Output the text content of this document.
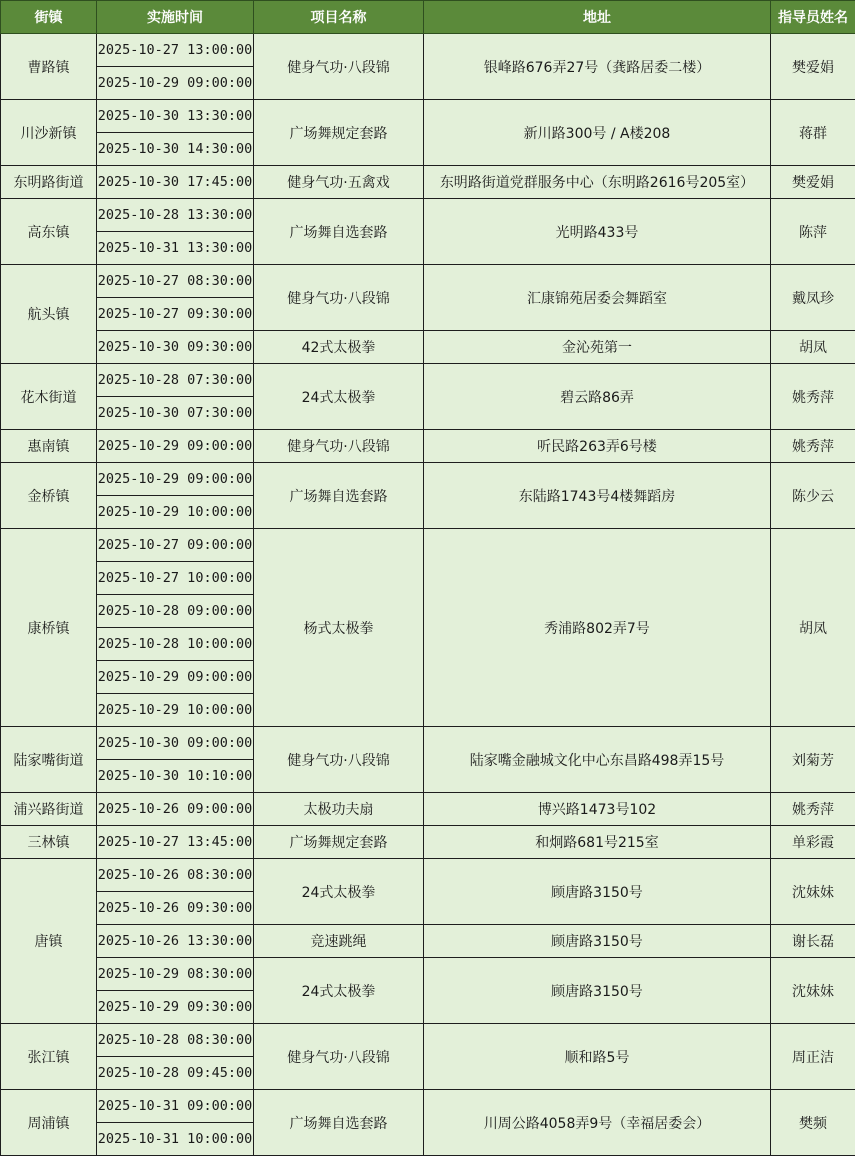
街镇	实施时间	项目名称	地址	指导员姓名
曹路镇	2025-10-27 13:00:00	健身气功·八段锦	银峰路676弄27号（龚路居委二楼）	樊爱娟
	2025-10-29 09:00:00			
川沙新镇	2025-10-30 13:30:00	广场舞规定套路	新川路300号 / A楼208	蒋群
	2025-10-30 14:30:00			
东明路街道	2025-10-30 17:45:00	健身气功·五禽戏	东明路街道党群服务中心（东明路2616号205室）	樊爱娟
高东镇	2025-10-28 13:30:00	广场舞自选套路	光明路433号	陈萍
	2025-10-31 13:30:00			
航头镇	2025-10-27 08:30:00	健身气功·八段锦	汇康锦苑居委会舞蹈室	戴凤珍
	2025-10-27 09:30:00			
	2025-10-30 09:30:00	42式太极拳	金沁苑第一	胡凤
花木街道	2025-10-28 07:30:00	24式太极拳	碧云路86弄	姚秀萍
	2025-10-30 07:30:00			
惠南镇	2025-10-29 09:00:00	健身气功·八段锦	听民路263弄6号楼	姚秀萍
金桥镇	2025-10-29 09:00:00	广场舞自选套路	东陆路1743号4楼舞蹈房	陈少云
	2025-10-29 10:00:00			
康桥镇	2025-10-27 09:00:00	杨式太极拳	秀浦路802弄7号	胡凤
	2025-10-27 10:00:00			
	2025-10-28 09:00:00			
	2025-10-28 10:00:00			
	2025-10-29 09:00:00			
	2025-10-29 10:00:00			
陆家嘴街道	2025-10-30 09:00:00	健身气功·八段锦	陆家嘴金融城文化中心东昌路498弄15号	刘菊芳
	2025-10-30 10:10:00			
浦兴路街道	2025-10-26 09:00:00	太极功夫扇	博兴路1473号102	姚秀萍
三林镇	2025-10-27 13:45:00	广场舞规定套路	和炯路681号215室	单彩霞
唐镇	2025-10-26 08:30:00	24式太极拳	顾唐路3150号	沈妹妹
	2025-10-26 09:30:00			
	2025-10-26 13:30:00	竞速跳绳	顾唐路3150号	谢长磊
	2025-10-29 08:30:00	24式太极拳	顾唐路3150号	沈妹妹
	2025-10-29 09:30:00			
张江镇	2025-10-28 08:30:00	健身气功·八段锦	顺和路5号	周正洁
	2025-10-28 09:45:00			
周浦镇	2025-10-31 09:00:00	广场舞自选套路	川周公路4058弄9号（幸福居委会）	樊频
	2025-10-31 10:00:00			
